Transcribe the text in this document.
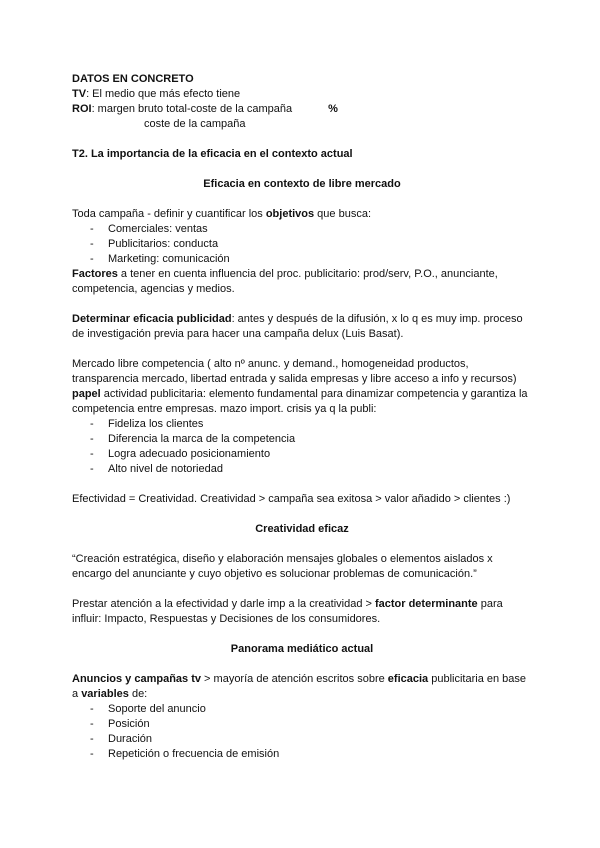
DATOS EN CONCRETO

TV: El medio que más efecto tiene

ROI: margen bruto total-coste de la campaña	%

coste de la campaña

T2. La importancia de la eficacia en el contexto actual

Eficacia en contexto de libre mercado

Toda campaña - definir y cuantificar los objetivos que busca:

- Comerciales: ventas
- Publicitarios: conducta
- Marketing: comunicación

Factores a tener en cuenta influencia del proc. publicitario: prod/serv, P.O., anunciante, competencia, agencias y medios.

Determinar eficacia publicidad: antes y después de la difusión, x lo q es muy imp. proceso de investigación previa para hacer una campaña delux (Luis Basat).

Mercado libre competencia ( alto nº anunc. y demand., homogeneidad productos, transparencia mercado, libertad entrada y salida empresas y libre acceso a info y recursos)

papel actividad publicitaria: elemento fundamental para dinamizar competencia y garantiza la competencia entre empresas. mazo import. crisis ya q la publi:

- Fideliza los clientes
- Diferencia la marca de la competencia
- Logra adecuado posicionamiento
- Alto nivel de notoriedad

Efectividad = Creatividad. Creatividad > campaña sea exitosa > valor añadido > clientes :)

Creatividad eficaz

“Creación estratégica, diseño y elaboración mensajes globales o elementos aislados x encargo del anunciante y cuyo objetivo es solucionar problemas de comunicación.”

Prestar atención a la efectividad y darle imp a la creatividad > factor determinante para influir: Impacto, Respuestas y Decisiones de los consumidores.

Panorama mediático actual

Anuncios y campañas tv > mayoría de atención escritos sobre eficacia publicitaria en base a variables de:

- Soporte del anuncio
- Posición
- Duración
- Repetición o frecuencia de emisión
